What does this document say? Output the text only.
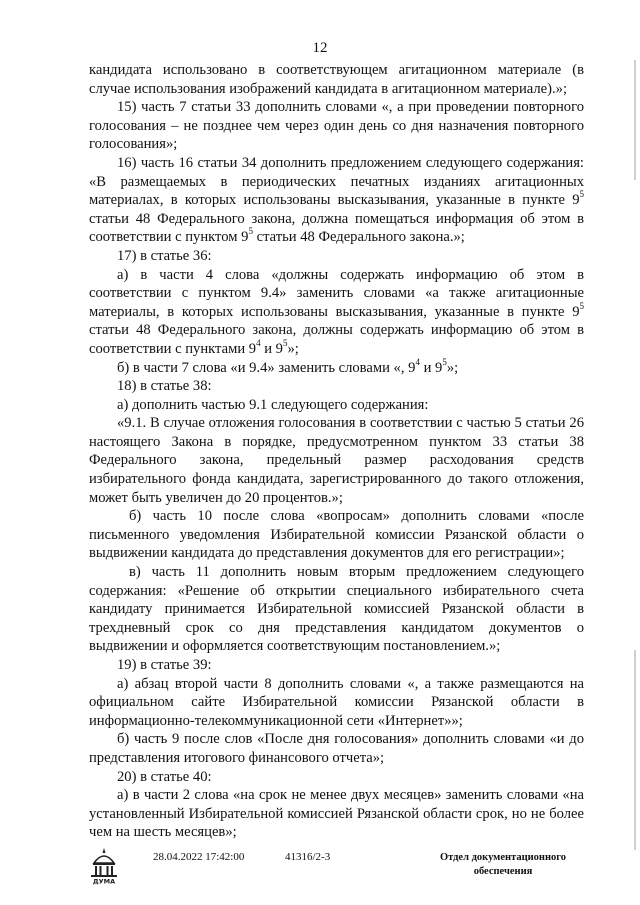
12

кандидата использовано в соответствующем агитационном материале (в случае использования изображений кандидата в агитационном материале).»;

15) часть 7 статьи 33 дополнить словами «, а при проведении повторного голосования – не позднее чем через один день со дня назначения повторного голосования»;

16) часть 16 статьи 34 дополнить предложением следующего содержания: «В размещаемых в периодических печатных изданиях агитационных материалах, в которых использованы высказывания, указанные в пункте $9^5$ статьи 48 Федерального закона, должна помещаться информация об этом в соответствии с пунктом $9^5$ статьи 48 Федерального закона.»;

17) в статье 36:

а) в части 4 слова «должны содержать информацию об этом в соответствии с пунктом 9.4» заменить словами «а также агитационные материалы, в которых использованы высказывания, указанные в пункте $9^5$ статьи 48 Федерального закона, должны содержать информацию об этом в соответствии с пунктами $9^4$ и $9^5$»;

б) в части 7 слова «и 9.4» заменить словами «, $9^4$ и $9^5$»;

18) в статье 38:

а) дополнить частью 9.1 следующего содержания:

«9.1. В случае отложения голосования в соответствии с частью 5 статьи 26 настоящего Закона в порядке, предусмотренном пунктом 33 статьи 38 Федерального закона, предельный размер расходования средств избирательного фонда кандидата, зарегистрированного до такого отложения, может быть увеличен до 20 процентов.»;

б) часть 10 после слова «вопросам» дополнить словами «после письменного уведомления Избирательной комиссии Рязанской области о выдвижении кандидата до представления документов для его регистрации»;

в) часть 11 дополнить новым вторым предложением следующего содержания: «Решение об открытии специального избирательного счета кандидату принимается Избирательной комиссией Рязанской области в трехдневный срок со дня представления кандидатом документов о выдвижении и оформляется соответствующим постановлением.»;

19) в статье 39:

а) абзац второй части 8 дополнить словами «, а также размещаются на официальном сайте Избирательной комиссии Рязанской области в информационно-телекоммуникационной сети «Интернет»»;

б) часть 9 после слов «После дня голосования» дополнить словами «и до представления итогового финансового отчета»;

20) в статье 40:

а) в части 2 слова «на срок не менее двух месяцев» заменить словами «на установленный Избирательной комиссией Рязанской области срок, но не более чем на шесть месяцев»;

ДУМА
28.04.2022 17:42:00	41316/2-3	Отдел документационного
обеспечения
